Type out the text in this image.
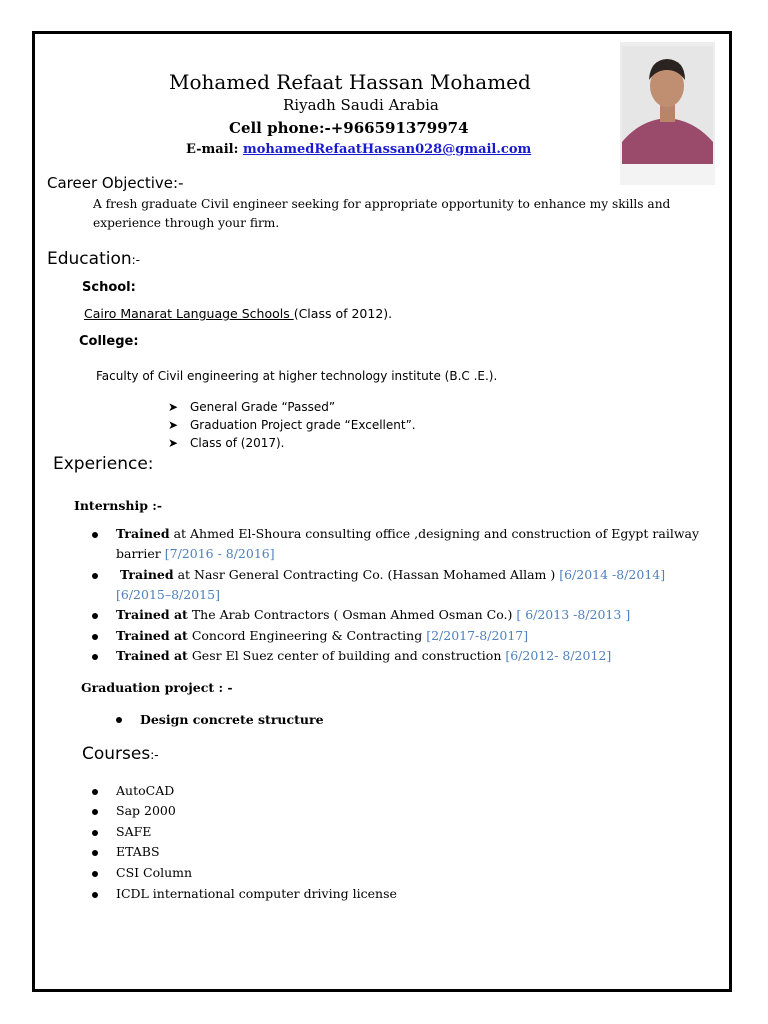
Mohamed Refaat Hassan Mohamed
Riyadh Saudi Arabia
Cell phone:-+966591379974
E-mail: mohamedRefaatHassan028@gmail.com
Career Objective:-
A fresh graduate Civil engineer seeking for appropriate opportunity to enhance my skills and
experience through your firm.
Education:-
School:
Cairo Manarat Language Schools (Class of 2012).
College:
Faculty of Civil engineering at higher technology institute (B.C .E.).
➤ General Grade “Passed”
➤ Graduation Project grade “Excellent”.
➤ Class of (2017).
Experience:
Internship :-
Trained at Ahmed El-Shoura consulting office ,designing and construction of Egypt railway
barrier [7/2016 - 8/2016]
Trained at Nasr General Contracting Co. (Hassan Mohamed Allam ) [6/2014 -8/2014]
[6/2015–8/2015]
Trained at The Arab Contractors ( Osman Ahmed Osman Co.) [ 6/2013 -8/2013 ]
Trained at Concord Engineering & Contracting [2/2017-8/2017]
Trained at Gesr El Suez center of building and construction [6/2012- 8/2012]
Graduation project : -
Design concrete structure
Courses:-
AutoCAD
Sap 2000
SAFE
ETABS
CSI Column
ICDL international computer driving license
